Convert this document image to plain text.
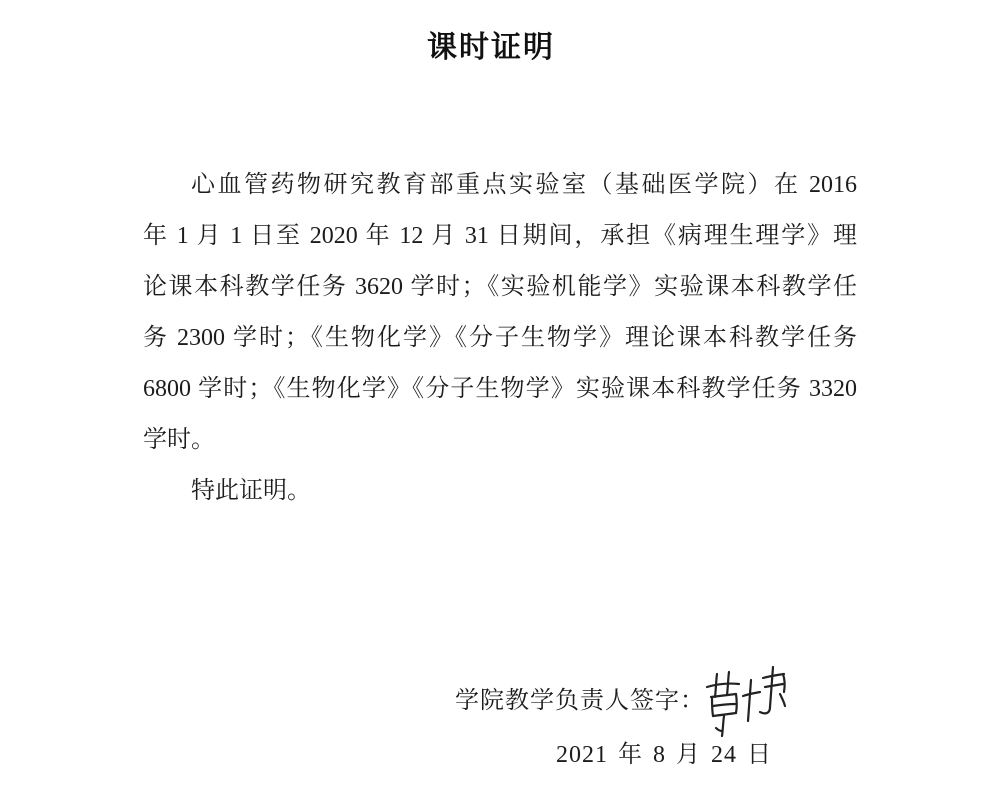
课时证明
心血管药物研究教育部重点实验室（基础医学院）在 2016
年 1 月 1 日至 2020 年 12 月 31 日期间，承担《病理生理学》理
论课本科教学任务 3620 学时；《实验机能学》实验课本科教学任
务 2300 学时；《生物化学》《分子生物学》理论课本科教学任务
6800 学时；《生物化学》《分子生物学》实验课本科教学任务 3320
学时。
特此证明。
学院教学负责人签字：
2021 年 8 月 24 日
